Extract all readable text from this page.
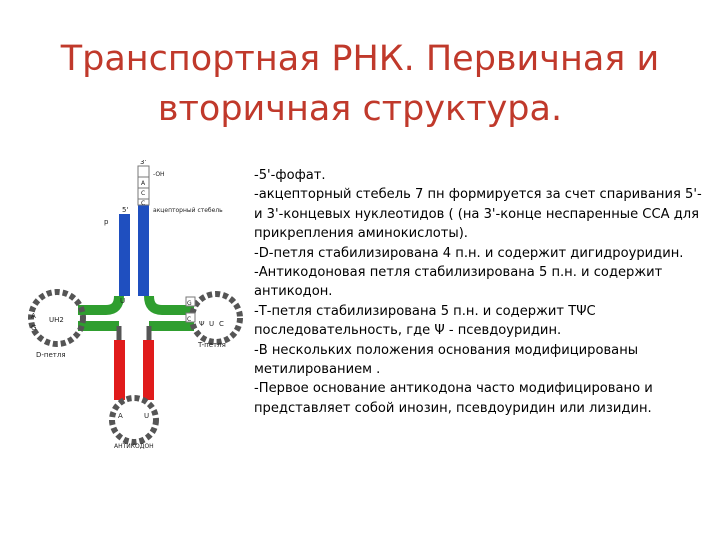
Транспортная РНК. Первичная и вторичная структура.
3'
-OH
акцепторный стебель
A
C
C
5'
p
UH2
A
G
D-петля
U	G
C
Ψ U C
T-петля
A	U
АНТИКОДОН

-5'-фофат.

-акцепторный стебель 7 пн формируется за счет спаривания 5'- и 3'-концевых нуклеотидов ( (на 3'-конце неспаренные ССА для прикрепления аминокислоты).

-D-петля стабилизирована 4 п.н. и содержит дигидроуридин.

-Антикодоновая петля стабилизирована 5 п.н. и содержит антикодон.

-Т-петля стабилизирована 5 п.н. и содержит TΨC последовательность, где Ψ - псевдоуридин.

-В нескольких положения основания модифицированы метилированием .

-Первое основание антикодона часто модифицировано и представляет собой инозин, псевдоуридин или лизидин.
